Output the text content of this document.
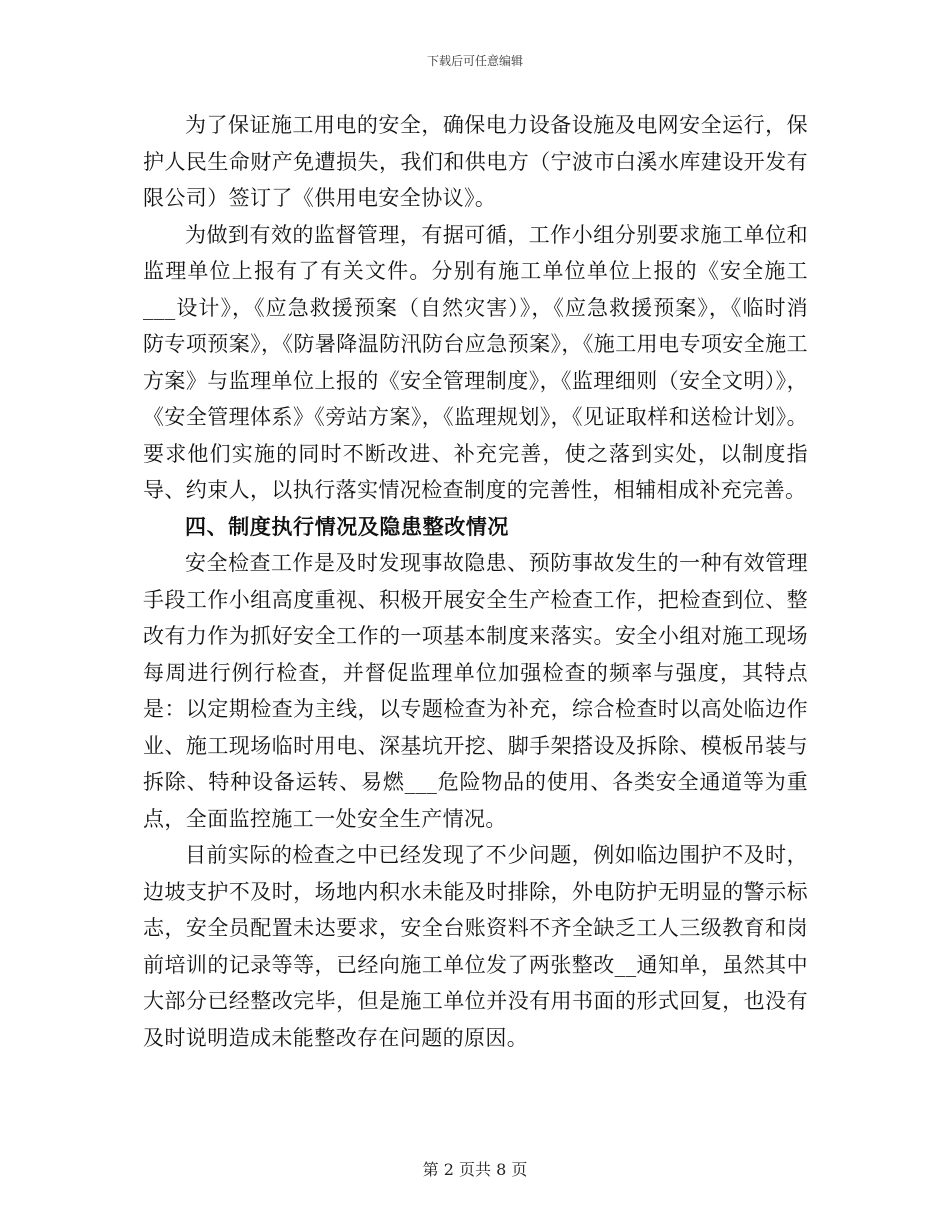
下载后可任意编辑

为了保证施工用电的安全，确保电力设备设施及电网安全运行，保护人民生命财产免遭损失，我们和供电方（宁波市白溪水库建设开发有限公司）签订了《供用电安全协议》。

为做到有效的监督管理，有据可循，工作小组分别要求施工单位和监理单位上报有了有关文件。分别有施工单位单位上报的《安全施工___设计》，《应急救援预案（自然灾害）》，《应急救援预案》，《临时消防专项预案》，《防暑降温防汛防台应急预案》，《施工用电专项安全施工方案》与监理单位上报的《安全管理制度》，《监理细则（安全文明）》，《安全管理体系》《旁站方案》，《监理规划》，《见证取样和送检计划》。要求他们实施的同时不断改进、补充完善，使之落到实处，以制度指导、约束人，以执行落实情况检查制度的完善性，相辅相成补充完善。

四、制度执行情况及隐患整改情况

安全检查工作是及时发现事故隐患、预防事故发生的一种有效管理手段工作小组高度重视、积极开展安全生产检查工作，把检查到位、整改有力作为抓好安全工作的一项基本制度来落实。安全小组对施工现场每周进行例行检查，并督促监理单位加强检查的频率与强度，其特点是：以定期检查为主线，以专题检查为补充，综合检查时以高处临边作业、施工现场临时用电、深基坑开挖、脚手架搭设及拆除、模板吊装与拆除、特种设备运转、易燃___危险物品的使用、各类安全通道等为重点，全面监控施工一处安全生产情况。

目前实际的检查之中已经发现了不少问题，例如临边围护不及时，边坡支护不及时，场地内积水未能及时排除，外电防护无明显的警示标志，安全员配置未达要求，安全台账资料不齐全缺乏工人三级教育和岗前培训的记录等等，已经向施工单位发了两张整改__通知单，虽然其中大部分已经整改完毕，但是施工单位并没有用书面的形式回复，也没有及时说明造成未能整改存在问题的原因。

第 2 页共 8 页
